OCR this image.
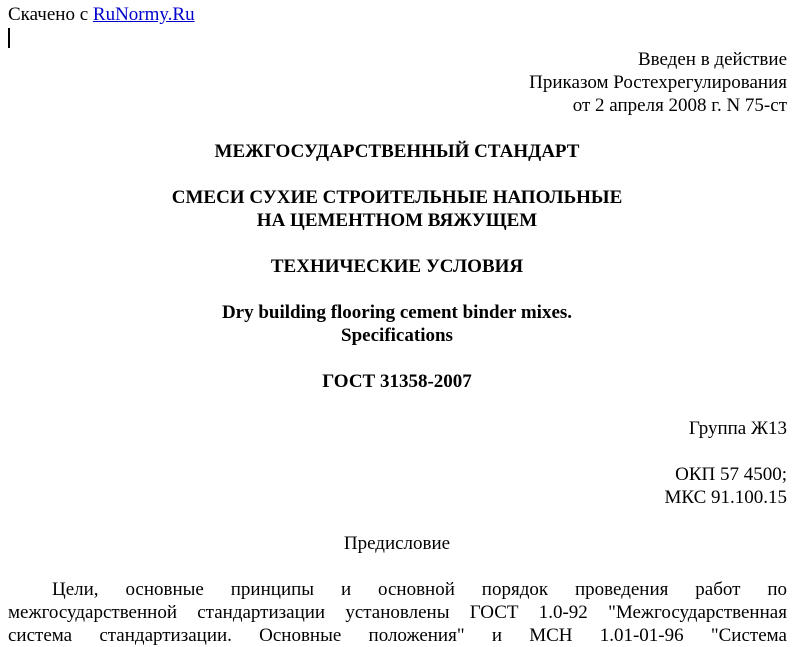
Скачено с RuNormy.Ru
Введен в действие
Приказом Ростехрегулирования
от 2 апреля 2008 г. N 75-ст
МЕЖГОСУДАРСТВЕННЫЙ СТАНДАРТ
СМЕСИ СУХИЕ СТРОИТЕЛЬНЫЕ НАПОЛЬНЫЕ
НА ЦЕМЕНТНОМ ВЯЖУЩЕМ
ТЕХНИЧЕСКИЕ УСЛОВИЯ
Dry building flooring cement binder mixes.
Specifications
ГОСТ 31358-2007
Группа Ж13
ОКП 57 4500;
МКС 91.100.15
Предисловие
Цели, основные принципы и основной порядок проведения работ по
межгосударственной стандартизации установлены ГОСТ 1.0-92 "Межгосударственная
система стандартизации. Основные положения" и МСН 1.01-01-96 "Система
